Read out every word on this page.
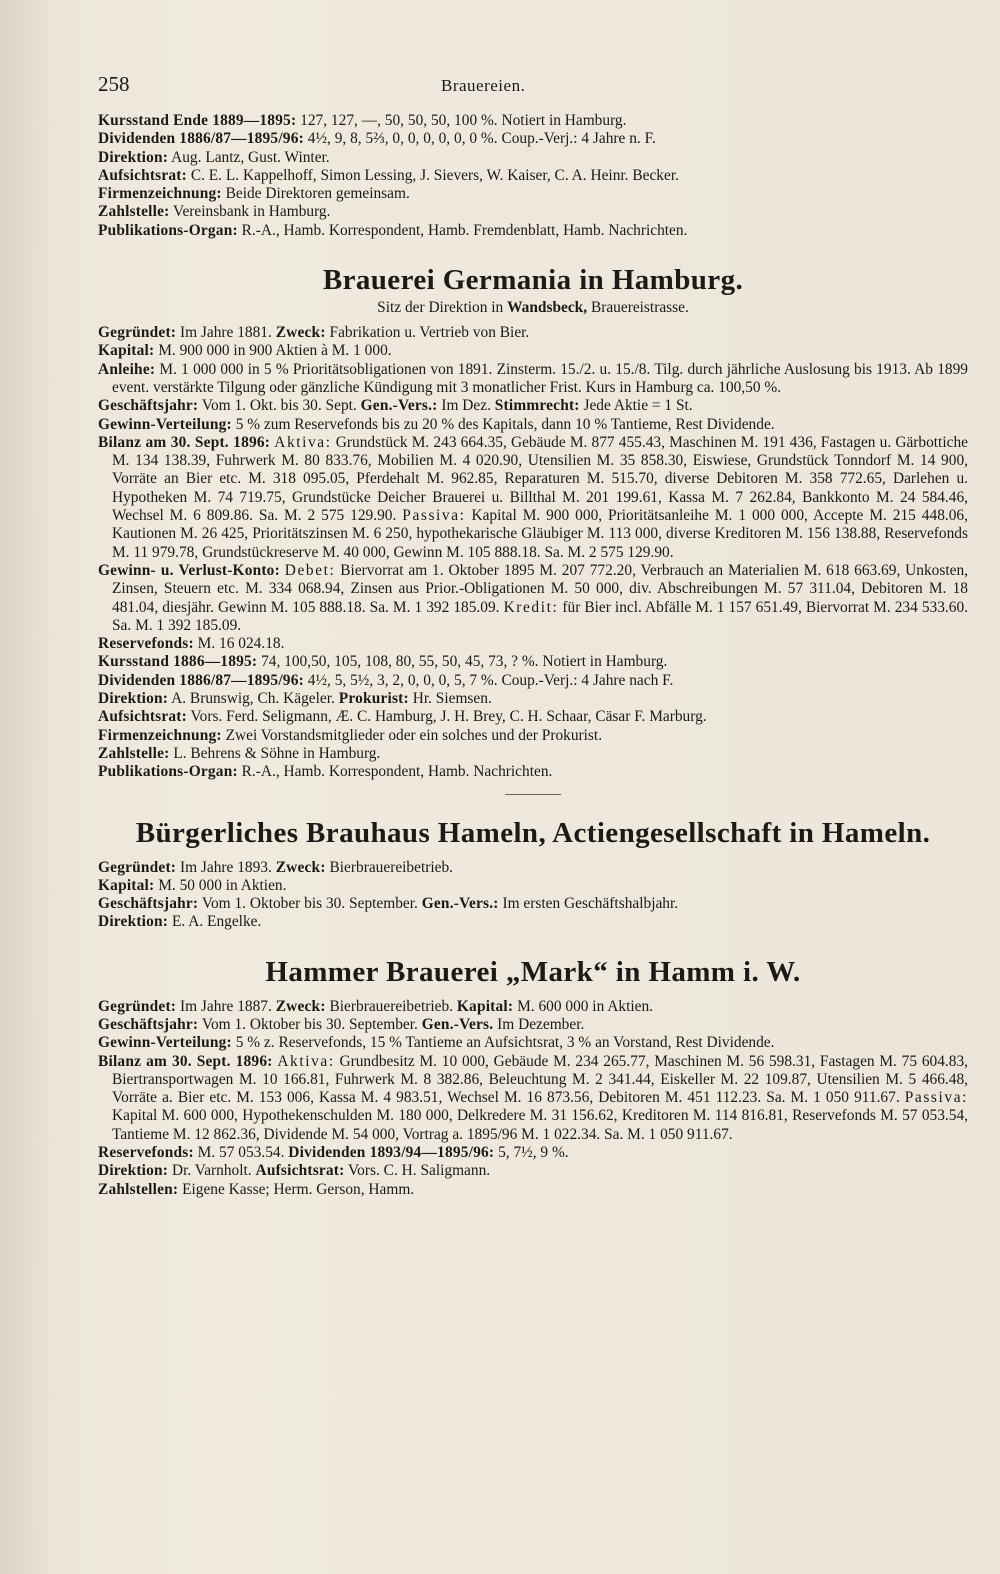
258	Brauereien.

Kursstand Ende 1889—1895: 127, 127, —, 50, 50, 50, 100 %. Notiert in Hamburg.

Dividenden 1886/87—1895/96: 4½, 9, 8, 5⅔, 0, 0, 0, 0, 0, 0 %. Coup.-Verj.: 4 Jahre n. F.

Direktion: Aug. Lantz, Gust. Winter.

Aufsichtsrat: C. E. L. Kappelhoff, Simon Lessing, J. Sievers, W. Kaiser, C. A. Heinr. Becker.

Firmenzeichnung: Beide Direktoren gemeinsam.

Zahlstelle: Vereinsbank in Hamburg.

Publikations-Organ: R.-A., Hamb. Korrespondent, Hamb. Fremdenblatt, Hamb. Nachrichten.

Brauerei Germania in Hamburg.

Sitz der Direktion in Wandsbeck, Brauereistrasse.

Gegründet: Im Jahre 1881. Zweck: Fabrikation u. Vertrieb von Bier.

Kapital: M. 900 000 in 900 Aktien à M. 1 000.

Anleihe: M. 1 000 000 in 5 % Prioritätsobligationen von 1891. Zinsterm. 15./2. u. 15./8. Tilg. durch jährliche Auslosung bis 1913. Ab 1899 event. verstärkte Tilgung oder gänzliche Kündigung mit 3 monatlicher Frist. Kurs in Hamburg ca. 100,50 %.

Geschäftsjahr: Vom 1. Okt. bis 30. Sept. Gen.-Vers.: Im Dez. Stimmrecht: Jede Aktie = 1 St.

Gewinn-Verteilung: 5 % zum Reservefonds bis zu 20 % des Kapitals, dann 10 % Tantieme, Rest Dividende.

Bilanz am 30. Sept. 1896: Aktiva: Grundstück M. 243 664.35, Gebäude M. 877 455.43, Maschinen M. 191 436, Fastagen u. Gärbottiche M. 134 138.39, Fuhrwerk M. 80 833.76, Mobilien M. 4 020.90, Utensilien M. 35 858.30, Eiswiese, Grundstück Tonndorf M. 14 900, Vorräte an Bier etc. M. 318 095.05, Pferdehalt M. 962.85, Reparaturen M. 515.70, diverse Debitoren M. 358 772.65, Darlehen u. Hypotheken M. 74 719.75, Grundstücke Deicher Brauerei u. Billthal M. 201 199.61, Kassa M. 7 262.84, Bankkonto M. 24 584.46, Wechsel M. 6 809.86. Sa. M. 2 575 129.90. Passiva: Kapital M. 900 000, Prioritätsanleihe M. 1 000 000, Accepte M. 215 448.06, Kautionen M. 26 425, Prioritätszinsen M. 6 250, hypothekarische Gläubiger M. 113 000, diverse Kreditoren M. 156 138.88, Reservefonds M. 11 979.78, Grundstückreserve M. 40 000, Gewinn M. 105 888.18. Sa. M. 2 575 129.90.

Gewinn- u. Verlust-Konto: Debet: Biervorrat am 1. Oktober 1895 M. 207 772.20, Verbrauch an Materialien M. 618 663.69, Unkosten, Zinsen, Steuern etc. M. 334 068.94, Zinsen aus Prior.-Obligationen M. 50 000, div. Abschreibungen M. 57 311.04, Debitoren M. 18 481.04, diesjähr. Gewinn M. 105 888.18. Sa. M. 1 392 185.09. Kredit: für Bier incl. Abfälle M. 1 157 651.49, Biervorrat M. 234 533.60. Sa. M. 1 392 185.09.

Reservefonds: M. 16 024.18.

Kursstand 1886—1895: 74, 100,50, 105, 108, 80, 55, 50, 45, 73, ? %. Notiert in Hamburg.

Dividenden 1886/87—1895/96: 4½, 5, 5½, 3, 2, 0, 0, 0, 5, 7 %. Coup.-Verj.: 4 Jahre nach F.

Direktion: A. Brunswig, Ch. Kägeler. Prokurist: Hr. Siemsen.

Aufsichtsrat: Vors. Ferd. Seligmann, Æ. C. Hamburg, J. H. Brey, C. H. Schaar, Cäsar F. Marburg.

Firmenzeichnung: Zwei Vorstandsmitglieder oder ein solches und der Prokurist.

Zahlstelle: L. Behrens & Söhne in Hamburg.

Publikations-Organ: R.-A., Hamb. Korrespondent, Hamb. Nachrichten.

Bürgerliches Brauhaus Hameln, Actiengesellschaft in Hameln.

Gegründet: Im Jahre 1893. Zweck: Bierbrauereibetrieb.

Kapital: M. 50 000 in Aktien.

Geschäftsjahr: Vom 1. Oktober bis 30. September. Gen.-Vers.: Im ersten Geschäftshalbjahr.

Direktion: E. A. Engelke.

Hammer Brauerei „Mark“ in Hamm i. W.

Gegründet: Im Jahre 1887. Zweck: Bierbrauereibetrieb. Kapital: M. 600 000 in Aktien.

Geschäftsjahr: Vom 1. Oktober bis 30. September. Gen.-Vers. Im Dezember.

Gewinn-Verteilung: 5 % z. Reservefonds, 15 % Tantieme an Aufsichtsrat, 3 % an Vorstand, Rest Dividende.

Bilanz am 30. Sept. 1896: Aktiva: Grundbesitz M. 10 000, Gebäude M. 234 265.77, Maschinen M. 56 598.31, Fastagen M. 75 604.83, Biertransportwagen M. 10 166.81, Fuhrwerk M. 8 382.86, Beleuchtung M. 2 341.44, Eiskeller M. 22 109.87, Utensilien M. 5 466.48, Vorräte a. Bier etc. M. 153 006, Kassa M. 4 983.51, Wechsel M. 16 873.56, Debitoren M. 451 112.23. Sa. M. 1 050 911.67. Passiva: Kapital M. 600 000, Hypothekenschulden M. 180 000, Delkredere M. 31 156.62, Kreditoren M. 114 816.81, Reservefonds M. 57 053.54, Tantieme M. 12 862.36, Dividende M. 54 000, Vortrag a. 1895/96 M. 1 022.34. Sa. M. 1 050 911.67.

Reservefonds: M. 57 053.54. Dividenden 1893/94—1895/96: 5, 7½, 9 %.

Direktion: Dr. Varnholt. Aufsichtsrat: Vors. C. H. Saligmann.

Zahlstellen: Eigene Kasse; Herm. Gerson, Hamm.
